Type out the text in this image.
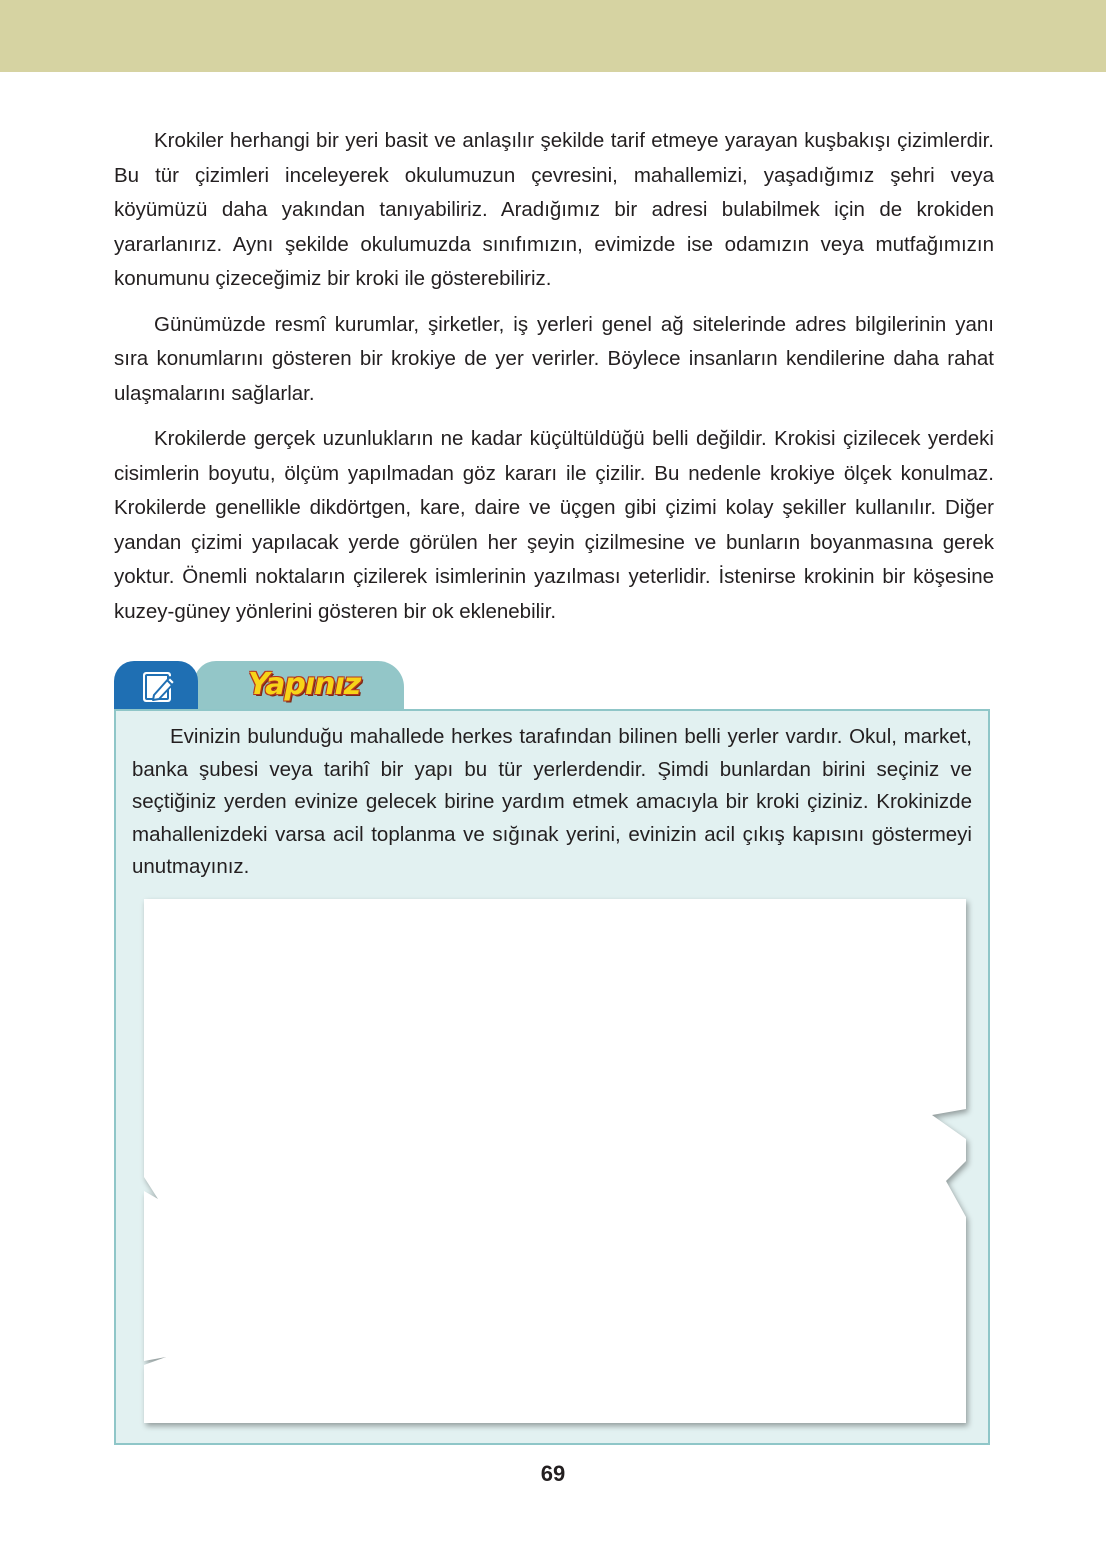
Krokiler herhangi bir yeri basit ve anlaşılır şekilde tarif etmeye yarayan kuşbakışı çizimlerdir. Bu tür çizimleri inceleyerek okulumuzun çevresini, mahallemizi, yaşadığımız şehri veya köyümüzü daha yakından tanıyabiliriz. Aradığımız bir adresi bulabilmek için de krokiden yararlanırız. Aynı şekilde okulumuzda sınıfımızın, evimizde ise odamızın veya mutfağımızın konumunu çizeceğimiz bir kroki ile gösterebiliriz.

Günümüzde resmî kurumlar, şirketler, iş yerleri genel ağ sitelerinde adres bilgilerinin yanı sıra konumlarını gösteren bir krokiye de yer verirler. Böylece insanların kendilerine daha rahat ulaşmalarını sağlarlar.

Krokilerde gerçek uzunlukların ne kadar küçültüldüğü belli değildir. Krokisi çizilecek yerdeki cisimlerin boyutu, ölçüm yapılmadan göz kararı ile çizilir. Bu nedenle krokiye ölçek konulmaz. Krokilerde genellikle dikdörtgen, kare, daire ve üçgen gibi çizimi kolay şekiller kullanılır. Diğer yandan çizimi yapılacak yerde görülen her şeyin çizilmesine ve bunların boyanmasına gerek yoktur. Önemli noktaların çizilerek isimlerinin yazılması yeterlidir. İstenirse krokinin bir köşesine kuzey-güney yönlerini gösteren bir ok eklenebilir.

Yapınız

Evinizin bulunduğu mahallede herkes tarafından bilinen belli yerler vardır. Okul, market, banka şubesi veya tarihî bir yapı bu tür yerlerdendir. Şimdi bunlardan birini seçiniz ve seçtiğiniz yerden evinize gelecek birine yardım etmek amacıyla bir kroki çiziniz. Krokinizde mahallenizdeki varsa acil toplanma ve sığınak yerini, evinizin acil çıkış kapısını göstermeyi unutmayınız.

69
